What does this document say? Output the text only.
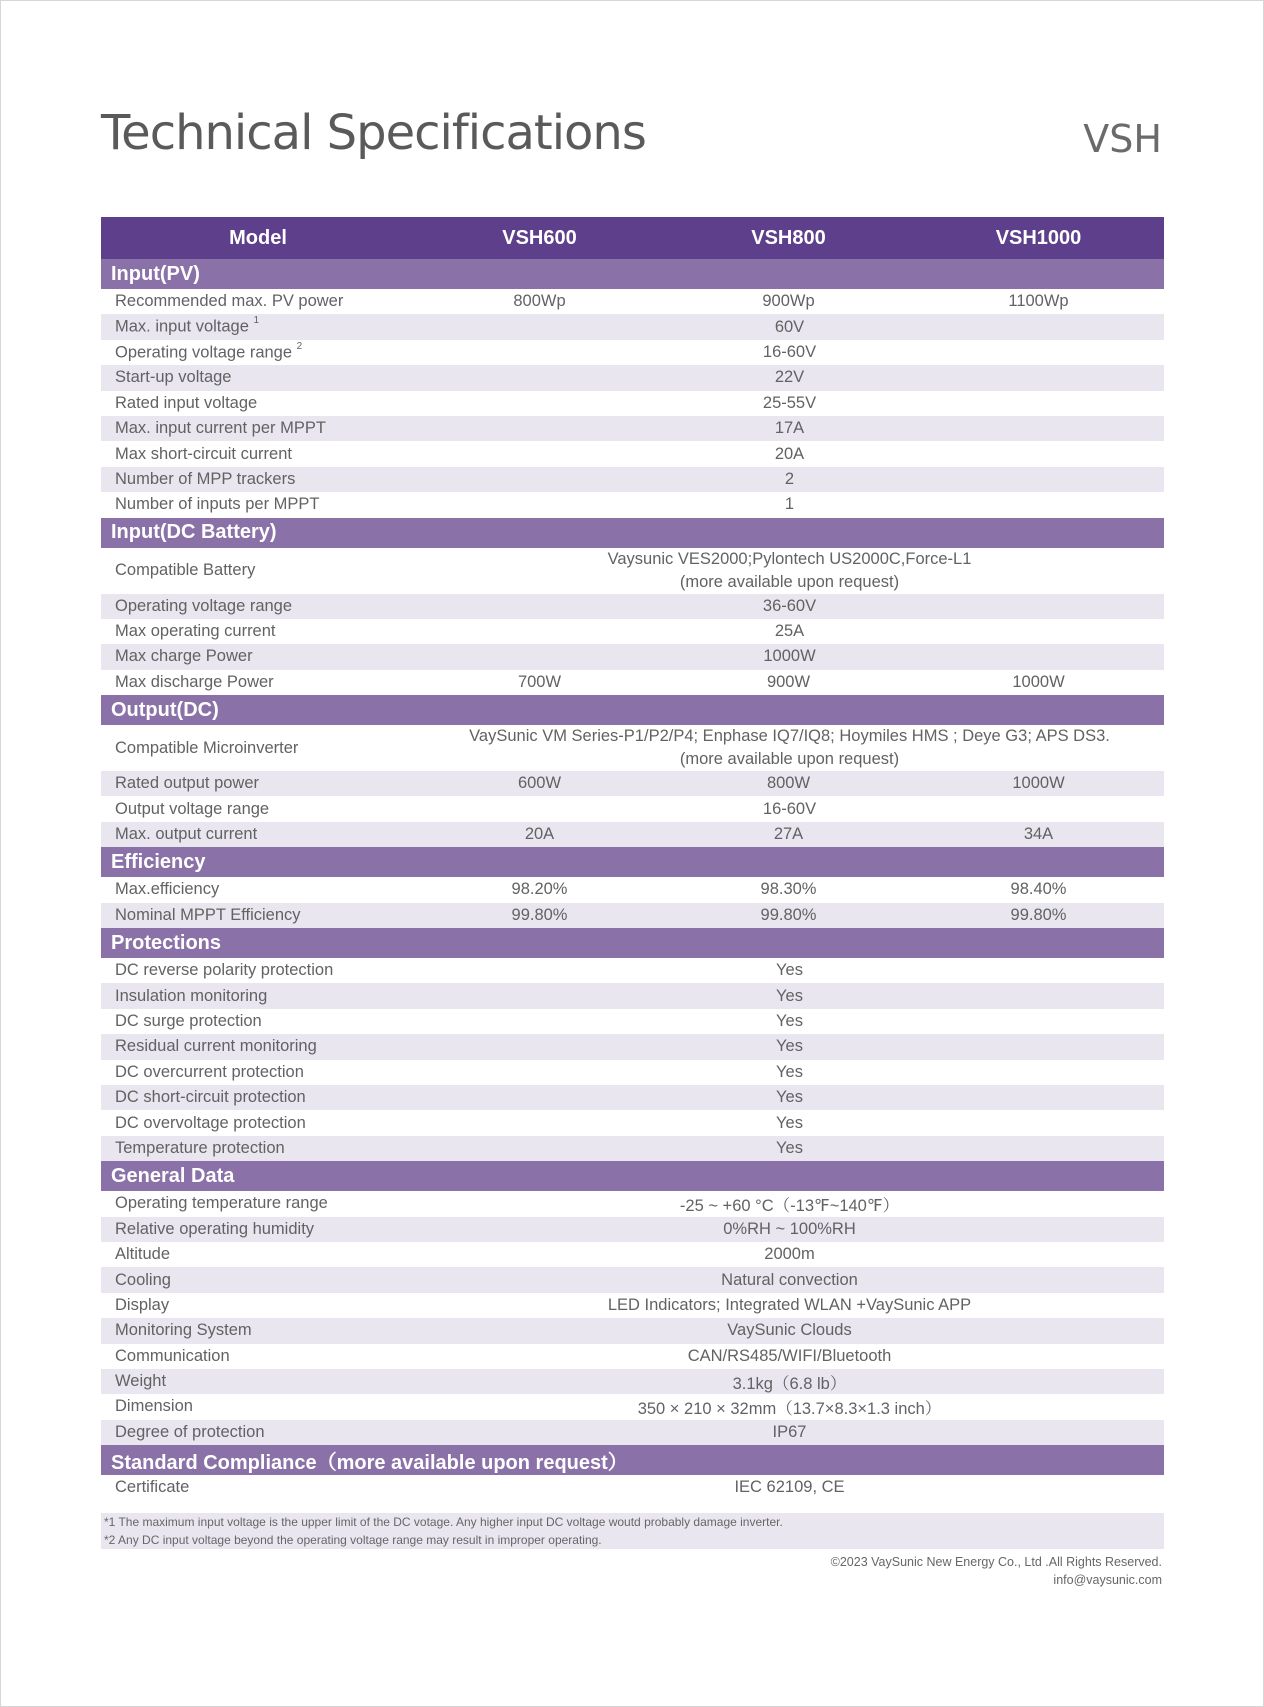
Technical Specifications	VSH
Model	VSH600	VSH800	VSH1000
Input(PV)			
Recommended max. PV power	800Wp	900Wp	1100Wp
Max. input voltage $^1$	60V		

Operating voltage range $^2$	16-60V		

Start-up voltage	22V		

Rated input voltage	25-55V		

Max. input current per MPPT	17A		

Max short-circuit current	20A		

Number of MPP trackers	2		

Number of inputs per MPPT	1		

Input(DC Battery)			
Compatible Battery	Vaysunic VES2000;Pylontech US2000C,Force-L1
(more available upon request)		

Operating voltage range	36-60V		

Max operating current	25A		

Max charge Power	1000W		

Max discharge Power	700W	900W	1000W
Output(DC)			
Compatible Microinverter	VaySunic VM Series-P1/P2/P4; Enphase IQ7/IQ8; Hoymiles HMS ; Deye G3; APS DS3.
(more available upon request)		

Rated output power	600W	800W	1000W
Output voltage range	16-60V		

Max. output current	20A	27A	34A
Efficiency			
Max.efficiency	98.20%	98.30%	98.40%
Nominal MPPT Efficiency	99.80%	99.80%	99.80%
Protections			
DC reverse polarity protection	Yes		

Insulation monitoring	Yes		

DC surge protection	Yes		

Residual current monitoring	Yes		

DC overcurrent protection	Yes		

DC short-circuit protection	Yes		

DC overvoltage protection	Yes		

Temperature protection	Yes		

General Data			
Operating temperature range	-25 ~ +60 °C（-13℉~140℉）		

Relative operating humidity	0%RH ~ 100%RH		

Altitude	2000m		

Cooling	Natural convection		

Display	LED Indicators; Integrated WLAN +VaySunic APP		

Monitoring System	VaySunic Clouds		

Communication	CAN/RS485/WIFI/Bluetooth		

Weight	3.1kg（6.8 lb）		

Dimension	350 × 210 × 32mm（13.7×8.3×1.3 inch）		

Degree of protection	IP67		

Standard Compliance（more available upon request）			
Certificate	IEC 62109, CE		
*1 The maximum input voltage is the upper limit of the DC votage. Any higher input DC voltage woutd probably damage inverter.
*2 Any DC input voltage beyond the operating voltage range may result in improper operating.
©2023 VaySunic New Energy Co., Ltd .All Rights Reserved.
info@vaysunic.com
